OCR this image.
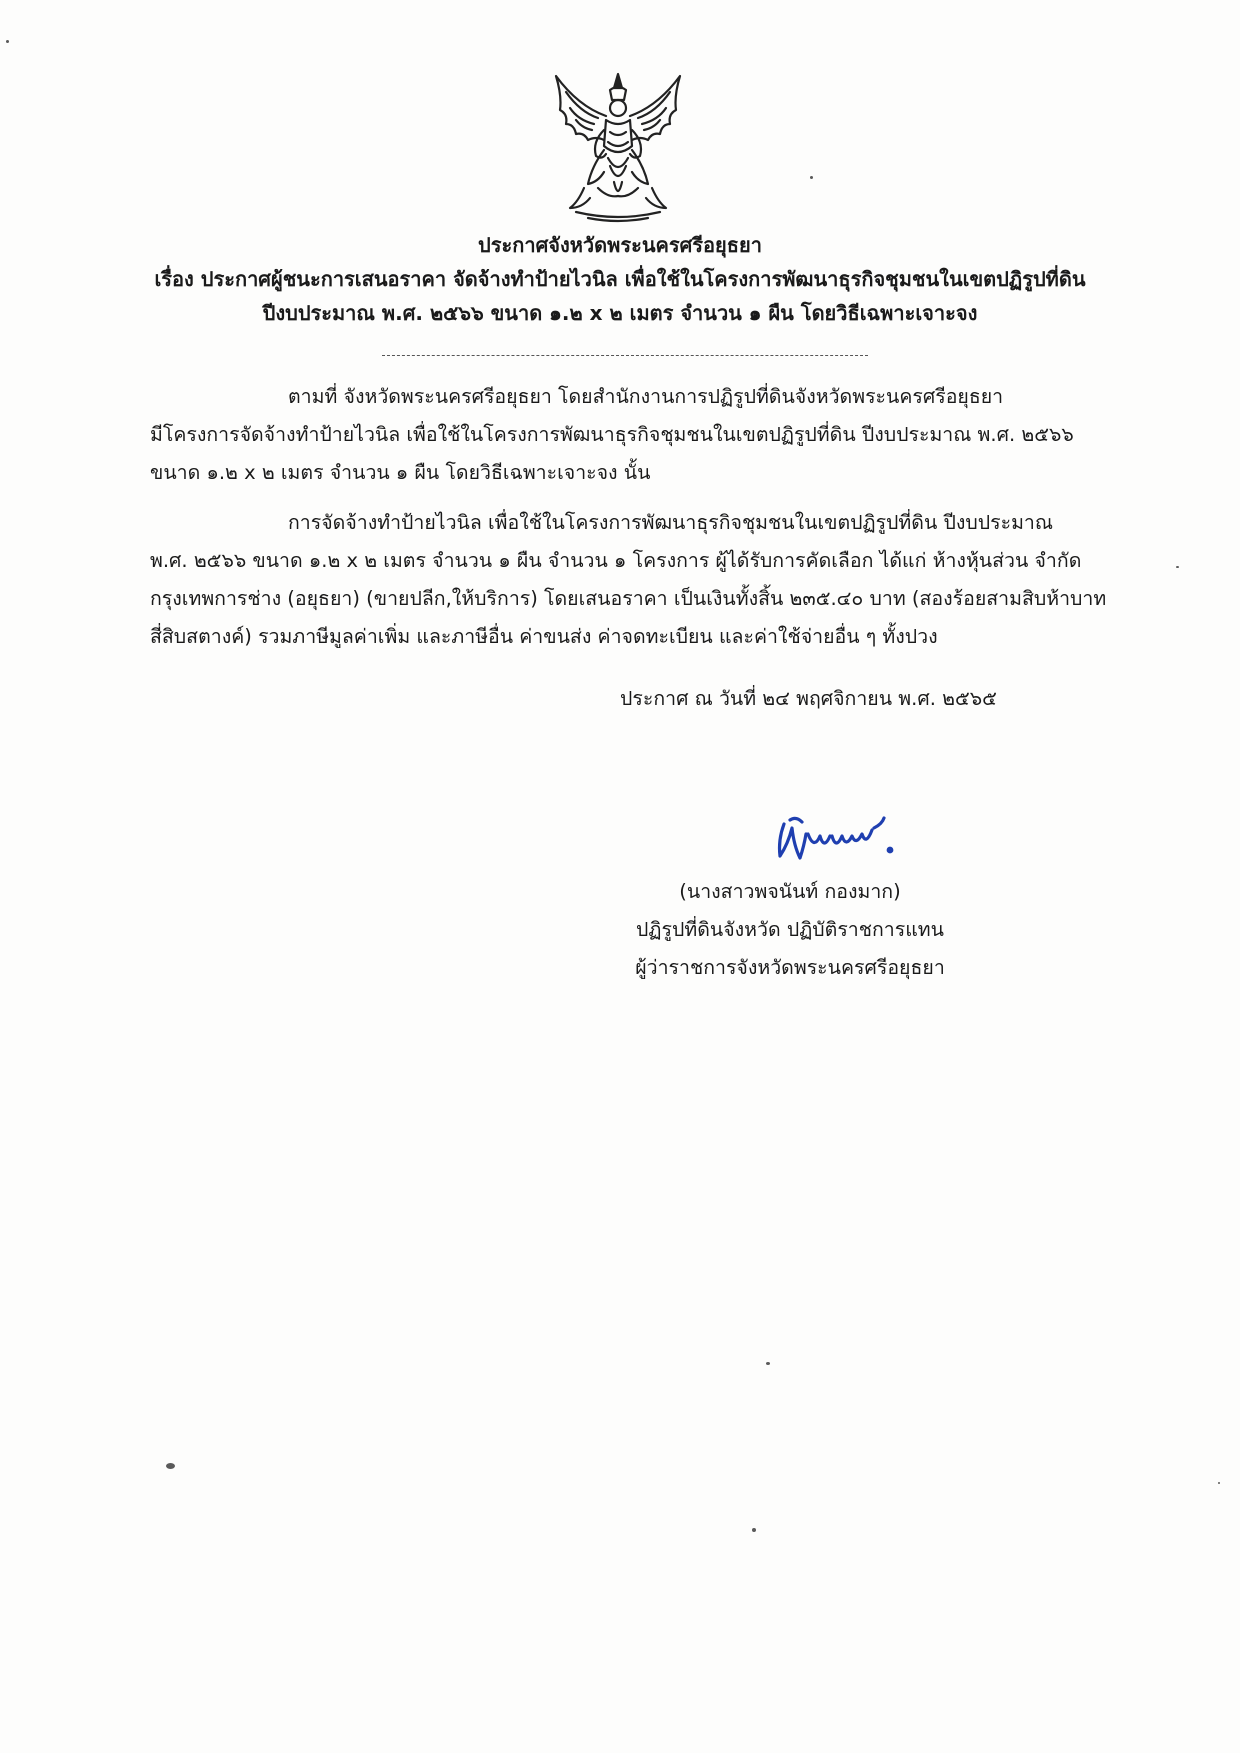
ประกาศจังหวัดพระนครศรีอยุธยา
เรื่อง ประกาศผู้ชนะการเสนอราคา จัดจ้างทำป้ายไวนิล เพื่อใช้ในโครงการพัฒนาธุรกิจชุมชนในเขตปฏิรูปที่ดิน
ปีงบประมาณ พ.ศ. ๒๕๖๖ ขนาด ๑.๒ x ๒ เมตร จำนวน ๑ ผืน โดยวิธีเฉพาะเจาะจง
ตามที่ จังหวัดพระนครศรีอยุธยา โดยสำนักงานการปฏิรูปที่ดินจังหวัดพระนครศรีอยุธยา
มีโครงการจัดจ้างทำป้ายไวนิล เพื่อใช้ในโครงการพัฒนาธุรกิจชุมชนในเขตปฏิรูปที่ดิน ปีงบประมาณ พ.ศ. ๒๕๖๖
ขนาด ๑.๒ x ๒ เมตร จำนวน ๑ ผืน โดยวิธีเฉพาะเจาะจง นั้น
การจัดจ้างทำป้ายไวนิล เพื่อใช้ในโครงการพัฒนาธุรกิจชุมชนในเขตปฏิรูปที่ดิน ปีงบประมาณ
พ.ศ. ๒๕๖๖ ขนาด ๑.๒ x ๒ เมตร จำนวน ๑ ผืน จำนวน ๑ โครงการ ผู้ได้รับการคัดเลือก ได้แก่ ห้างหุ้นส่วน จำกัด
กรุงเทพการช่าง (อยุธยา) (ขายปลีก,ให้บริการ) โดยเสนอราคา เป็นเงินทั้งสิ้น ๒๓๕.๔๐ บาท (สองร้อยสามสิบห้าบาท
สี่สิบสตางค์) รวมภาษีมูลค่าเพิ่ม และภาษีอื่น ค่าขนส่ง ค่าจดทะเบียน และค่าใช้จ่ายอื่น ๆ ทั้งปวง
ประกาศ ณ วันที่ ๒๔ พฤศจิกายน พ.ศ. ๒๕๖๕
(นางสาวพจนันท์ กองมาก)
ปฏิรูปที่ดินจังหวัด ปฏิบัติราชการแทน
ผู้ว่าราชการจังหวัดพระนครศรีอยุธยา
